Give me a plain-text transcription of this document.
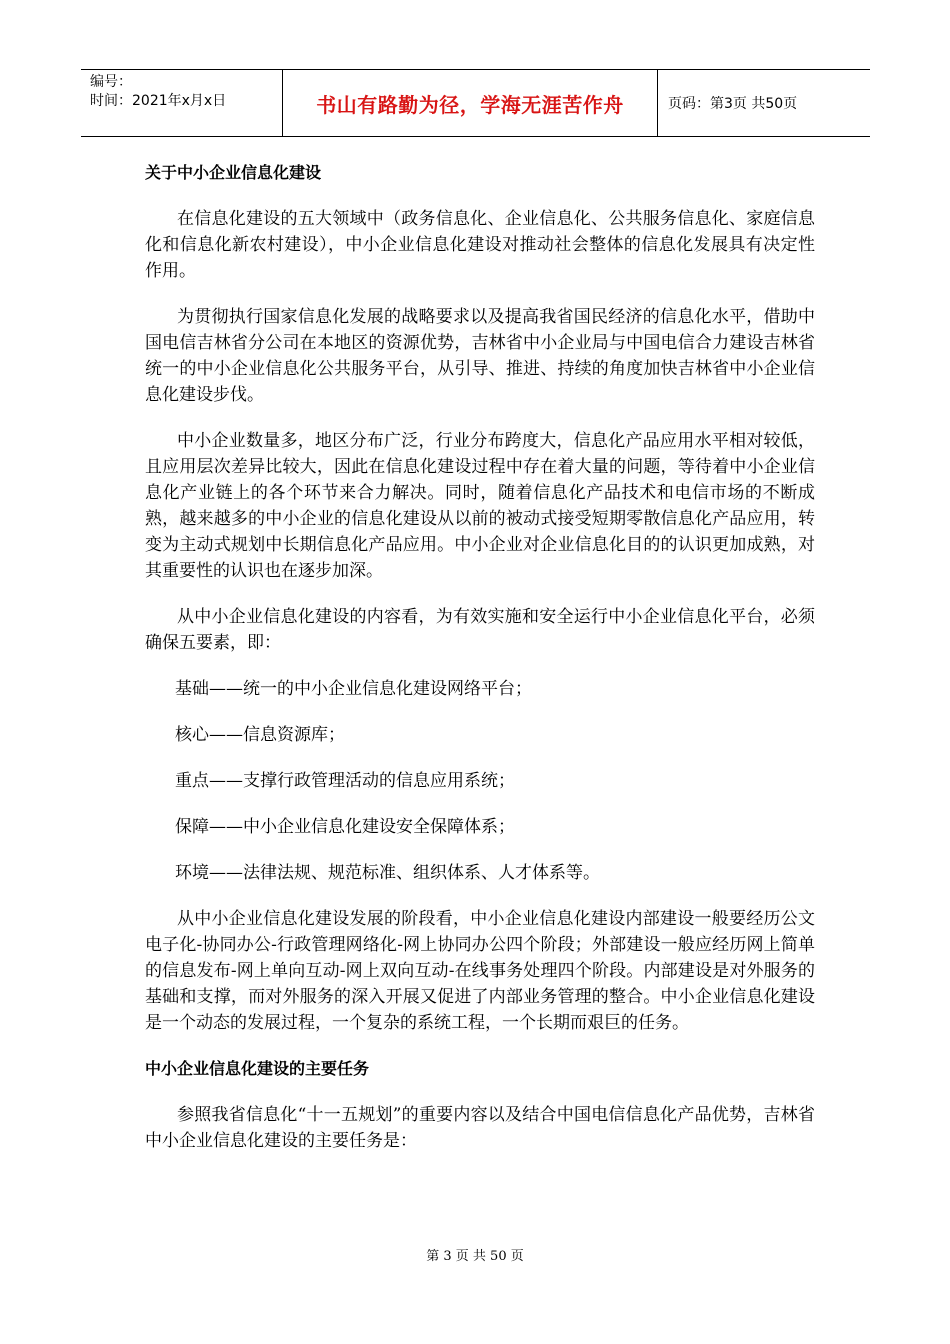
编号：
时间：2021年x月x日	书山有路勤为径，学海无涯苦作舟	页码：第3页 共50页
关于中小企业信息化建设

在信息化建设的五大领域中（政务信息化、企业信息化、公共服务信息化、家庭信息化和信息化新农村建设），中小企业信息化建设对推动社会整体的信息化发展具有决定性作用。

为贯彻执行国家信息化发展的战略要求以及提高我省国民经济的信息化水平，借助中国电信吉林省分公司在本地区的资源优势，吉林省中小企业局与中国电信合力建设吉林省统一的中小企业信息化公共服务平台，从引导、推进、持续的角度加快吉林省中小企业信息化建设步伐。

中小企业数量多，地区分布广泛，行业分布跨度大，信息化产品应用水平相对较低，且应用层次差异比较大，因此在信息化建设过程中存在着大量的问题，等待着中小企业信息化产业链上的各个环节来合力解决。同时，随着信息化产品技术和电信市场的不断成熟，越来越多的中小企业的信息化建设从以前的被动式接受短期零散信息化产品应用，转变为主动式规划中长期信息化产品应用。中小企业对企业信息化目的的认识更加成熟，对其重要性的认识也在逐步加深。

从中小企业信息化建设的内容看，为有效实施和安全运行中小企业信息化平台，必须确保五要素，即：

基础——统一的中小企业信息化建设网络平台；
核心——信息资源库；
重点——支撑行政管理活动的信息应用系统；
保障——中小企业信息化建设安全保障体系；
环境——法律法规、规范标准、组织体系、人才体系等。

从中小企业信息化建设发展的阶段看，中小企业信息化建设内部建设一般要经历公文电子化-协同办公-行政管理网络化-网上协同办公四个阶段；外部建设一般应经历网上简单的信息发布-网上单向互动-网上双向互动-在线事务处理四个阶段。内部建设是对外服务的基础和支撑，而对外服务的深入开展又促进了内部业务管理的整合。中小企业信息化建设是一个动态的发展过程，一个复杂的系统工程，一个长期而艰巨的任务。

中小企业信息化建设的主要任务

参照我省信息化“十一五规划”的重要内容以及结合中国电信信息化产品优势，吉林省中小企业信息化建设的主要任务是：

第 3 页 共 50 页
